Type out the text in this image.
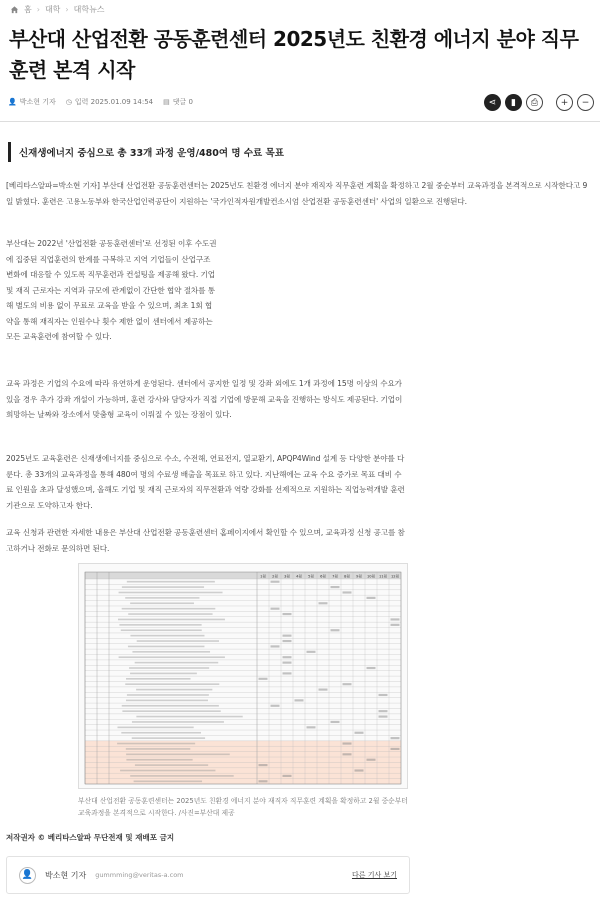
홈 › 대학 › 대학뉴스
부산대 산업전환 공동훈련센터 2025년도 친환경 에너지 분야 직무훈련 본격 시작
👤 박소현 기자 ◷ 입력 2025.01.09 14:54 ▤ 댓글 0	⋖	▮	⎙	+	−
신재생에너지 중심으로 총 33개 과정 운영/480여 명 수료 목표

[베리타스알파=박소현 기자] 부산대 산업전환 공동훈련센터는 2025년도 친환경 에너지 분야 재직자 직무훈련 계획을 확정하고 2월 중순부터 교육과정을 본격적으로 시작한다고 9일 밝혔다. 훈련은 고용노동부와 한국산업인력공단이 지원하는 '국가인적자원개발컨소시엄 산업전환 공동훈련센터' 사업의 일환으로 진행된다.

부산대는 2022년 '산업전환 공동훈련센터'로 선정된 이후 수도권에 집중된 직업훈련의 한계를 극복하고 지역 기업들이 산업구조 변화에 대응할 수 있도록 직무훈련과 컨설팅을 제공해 왔다. 기업 및 재직 근로자는 지역과 규모에 관계없이 간단한 협약 절차를 통해 별도의 비용 없이 무료로 교육을 받을 수 있으며, 최초 1회 협약을 통해 재직자는 인원수나 횟수 제한 없이 센터에서 제공하는 모든 교육훈련에 참여할 수 있다.

교육 과정은 기업의 수요에 따라 유연하게 운영된다. 센터에서 공지한 일정 및 강좌 외에도 1개 과정에 15명 이상의 수요가 있을 경우 추가 강좌 개설이 가능하며, 훈련 강사와 담당자가 직접 기업에 방문해 교육을 진행하는 방식도 제공된다. 기업이 희망하는 날짜와 장소에서 맞춤형 교육이 이뤄질 수 있는 장점이 있다.

2025년도 교육훈련은 신재생에너지를 중심으로 수소, 수전해, 연료전지, 열교환기, APQP4Wind 설계 등 다양한 분야를 다룬다. 총 33개의 교육과정을 통해 480여 명의 수료생 배출을 목표로 하고 있다. 지난해에는 교육 수요 증가로 목표 대비 수료 인원을 초과 달성했으며, 올해도 기업 및 재직 근로자의 직무전환과 역량 강화를 선제적으로 지원하는 직업능력개발 훈련기관으로 도약하고자 한다.

교육 신청과 관련한 자세한 내용은 부산대 산업전환 공동훈련센터 홈페이지에서 확인할 수 있으며, 교육과정 신청 공고를 참고하거나 전화로 문의하면 된다.

1월 2월 3월 4월 5월 6월 7월 8월 9월 10월 11월 12월

부산대 산업전환 공동훈련센터는 2025년도 친환경 에너지 분야 재직자 직무훈련 계획을 확정하고 2월 중순부터 교육과정을 본격적으로 시작한다. /사진=부산대 제공

저작권자 © 베리타스알파 무단전재 및 재배포 금지
👤	박소현 기자 gummming@veritas-a.com	다른 기사 보기
